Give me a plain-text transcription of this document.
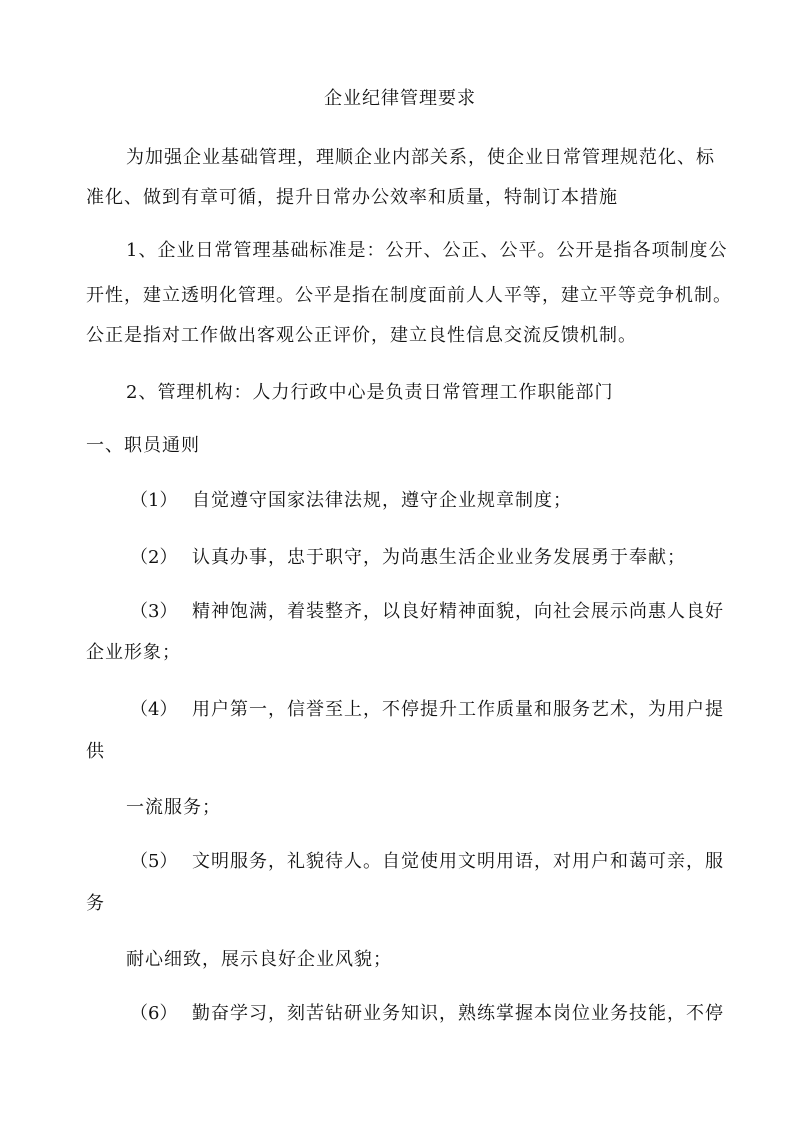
企业纪律管理要求
为加强企业基础管理，理顺企业内部关系，使企业日常管理规范化、标
准化、做到有章可循，提升日常办公效率和质量，特制订本措施
1、企业日常管理基础标准是：公开、公正、公平。公开是指各项制度公
开性，建立透明化管理。公平是指在制度面前人人平等，建立平等竞争机制。
公正是指对工作做出客观公正评价，建立良性信息交流反馈机制。
2、管理机构：人力行政中心是负责日常管理工作职能部门
一、职员通则
（1） 自觉遵守国家法律法规，遵守企业规章制度；
（2） 认真办事，忠于职守，为尚惠生活企业业务发展勇于奉献；
（3） 精神饱满，着装整齐，以良好精神面貌，向社会展示尚惠人良好
企业形象；
（4） 用户第一，信誉至上，不停提升工作质量和服务艺术，为用户提
供
一流服务；
（5） 文明服务，礼貌待人。自觉使用文明用语，对用户和蔼可亲，服
务
耐心细致，展示良好企业风貌；
（6） 勤奋学习，刻苦钻研业务知识，熟练掌握本岗位业务技能，不停
